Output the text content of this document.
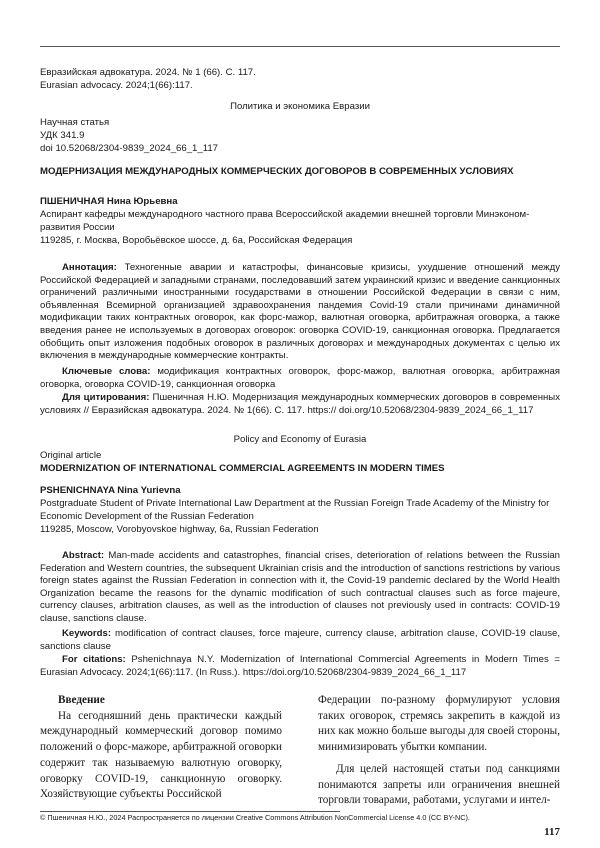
Евразийская адвокатура. 2024. № 1 (66). С. 117.

Eurasian advocacy. 2024;1(66):117.

Политика и экономика Евразии

Научная статья

УДК 341.9

doi 10.52068/2304-9839_2024_66_1_117

МОДЕРНИЗАЦИЯ МЕЖДУНАРОДНЫХ КОММЕРЧЕСКИХ ДОГОВОРОВ В СОВРЕМЕННЫХ УСЛОВИЯХ

ПШЕНИЧНАЯ Нина Юрьевна

Аспирант кафедры международного частного права Всероссийской академии внешней торговли Минэкономразвития России

119285, г. Москва, Воробьёвское шоссе, д. 6а, Российская Федерация

Аннотация: Техногенные аварии и катастрофы, финансовые кризисы, ухудшение отношений между Российской Федерацией и западными странами, последовавший затем украинский кризис и введение санкционных ограничений различными иностранными государствами в отношении Российской Федерации в связи с ним, объявленная Всемирной организацией здравоохранения пандемия Covid-19 стали причинами динамичной модификации таких контрактных оговорок, как форс-мажор, валютная оговорка, арбитражная оговорка, а также введения ранее не используемых в договорах оговорок: оговорка COVID-19, санкционная оговорка. Предлагается обобщить опыт изложения подобных оговорок в различных договорах и международных документах с целью их включения в международные коммерческие контракты.
Ключевые слова: модификация контрактных оговорок, форс-мажор, валютная оговорка, арбитражная оговорка, оговорка COVID-19, санкционная оговорка
Для цитирования: Пшеничная Н.Ю. Модернизация международных коммерческих договоров в современных условиях // Евразийская адвокатура. 2024. № 1(66). С. 117. https:// doi.org/10.52068/2304-9839_2024_66_1_117

Policy and Economy of Eurasia

Original article

MODERNIZATION OF INTERNATIONAL COMMERCIAL AGREEMENTS IN MODERN TIMES

PSHENICHNAYA Nina Yurievna

Postgraduate Student of Private International Law Department at the Russian Foreign Trade Academy of the Ministry for Economic Development of the Russian Federation

119285, Moscow, Vorobyovskoe highway, 6a, Russian Federation

Abstract: Man-made accidents and catastrophes, financial crises, deterioration of relations between the Russian Federation and Western countries, the subsequent Ukrainian crisis and the introduction of sanctions restrictions by various foreign states against the Russian Federation in connection with it, the Covid-19 pandemic declared by the World Health Organization became the reasons for the dynamic modification of such contractual clauses such as force majeure, currency clauses, arbitration clauses, as well as the introduction of clauses not previously used in contracts: COVID-19 clause, sanctions clause.
Keywords: modification of contract clauses, force majeure, currency clause, arbitration clause, COVID-19 clause, sanctions clause
For citations: Pshenichnaya N.Y. Modernization of International Commercial Agreements in Modern Times = Eurasian Advocacy. 2024;1(66):117. (In Russ.). https://doi.org/10.52068/2304-9839_2024_66_1_117
Введение

На сегодняшний день практически каждый международный коммерческий договор помимо положений о форс-мажоре, арбитражной оговорки содержит так называемую валютную оговорку, оговорку COVID-19, санкционную оговорку. Хозяйствующие субъекты Российской

Федерации по-разному формулируют условия таких оговорок, стремясь закрепить в каждой из них как можно больше выгоды для своей стороны, минимизировать убытки компании.

Для целей настоящей статьи под санкциями понимаются запреты или ограничения внешней торговли товарами, работами, услугами и интел-

© Пшеничная Н.Ю., 2024 Распространяется по лицензии Creative Commons Attribution NonCommercial License 4.0 (CC BY-NC).

117
